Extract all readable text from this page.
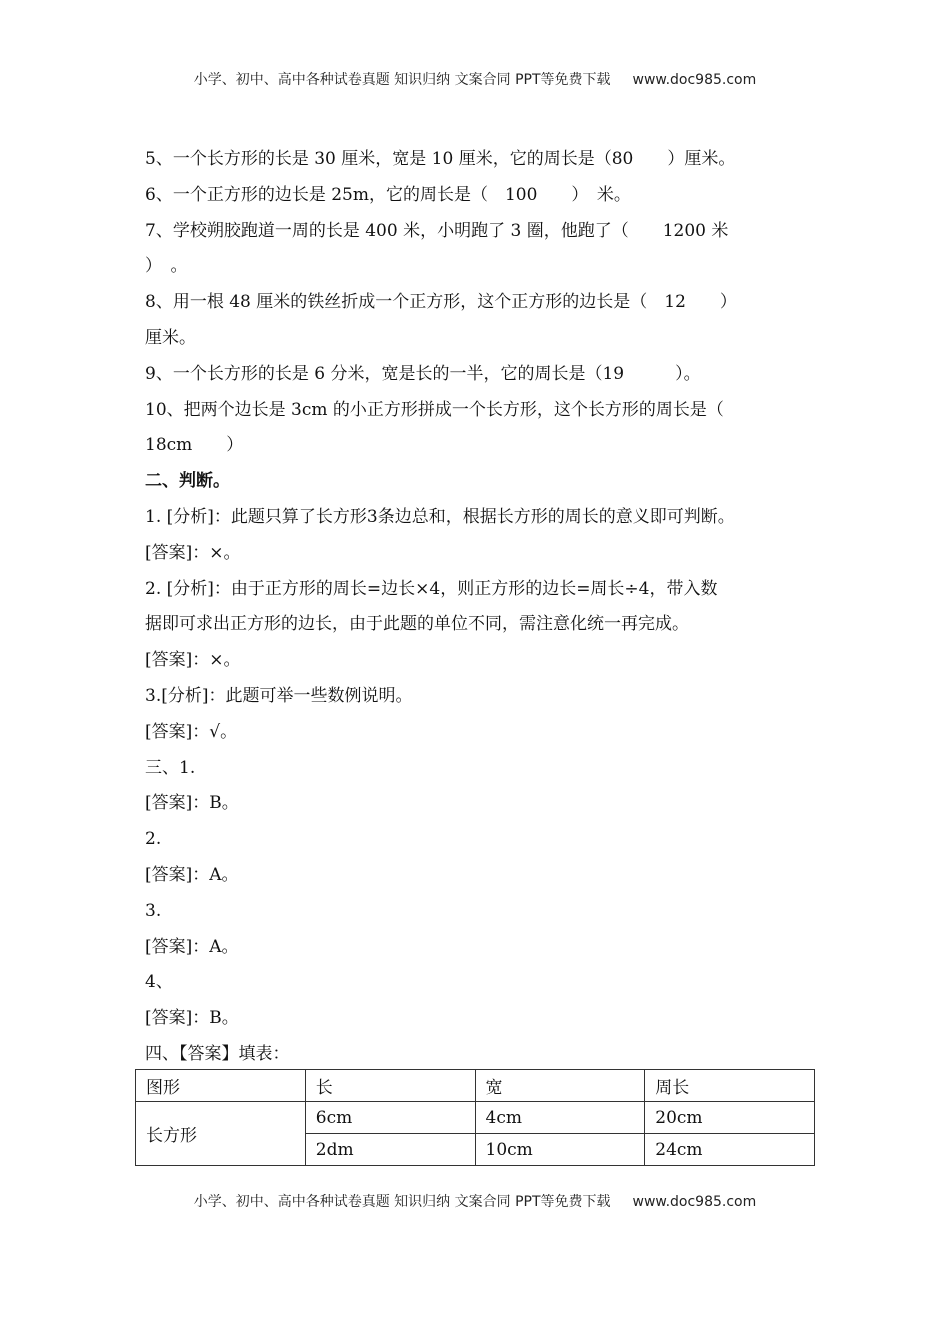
小学、初中、高中各种试卷真题 知识归纳 文案合同 PPT等免费下载 www.doc985.com
5、一个长方形的长是 30 厘米，宽是 10 厘米，它的周长是（80　　）厘米。
6、一个正方形的边长是 25m，它的周长是（　100　　）　米。
7、学校朔胶跑道一周的长是 400 米，小明跑了 3 圈，他跑了（　　1200 米
）　。
8、用一根 48 厘米的铁丝折成一个正方形，这个正方形的边长是（　12　　）
厘米。
9、一个长方形的长是 6 分米，宽是长的一半，它的周长是（19　　　）。
10、把两个边长是 3cm 的小正方形拼成一个长方形，这个长方形的周长是（
18cm　　）
二、判断。
1. [分析]：此题只算了长方形3条边总和，根据长方形的周长的意义即可判断。
[答案]：×。
2. [分析]：由于正方形的周长=边长×4，则正方形的边长=周长÷4，带入数
据即可求出正方形的边长，由于此题的单位不同，需注意化统一再完成。
[答案]：×。
3.[分析]：此题可举一些数例说明。
[答案]：√。
三、1.
[答案]：B。
2.
[答案]：A。
3.
[答案]：A。
4、
[答案]：B。
四、【答案】填表：
图形	长	宽	周长
长方形	6cm	4cm	20cm
	2dm	10cm	24cm
小学、初中、高中各种试卷真题 知识归纳 文案合同 PPT等免费下载 www.doc985.com
